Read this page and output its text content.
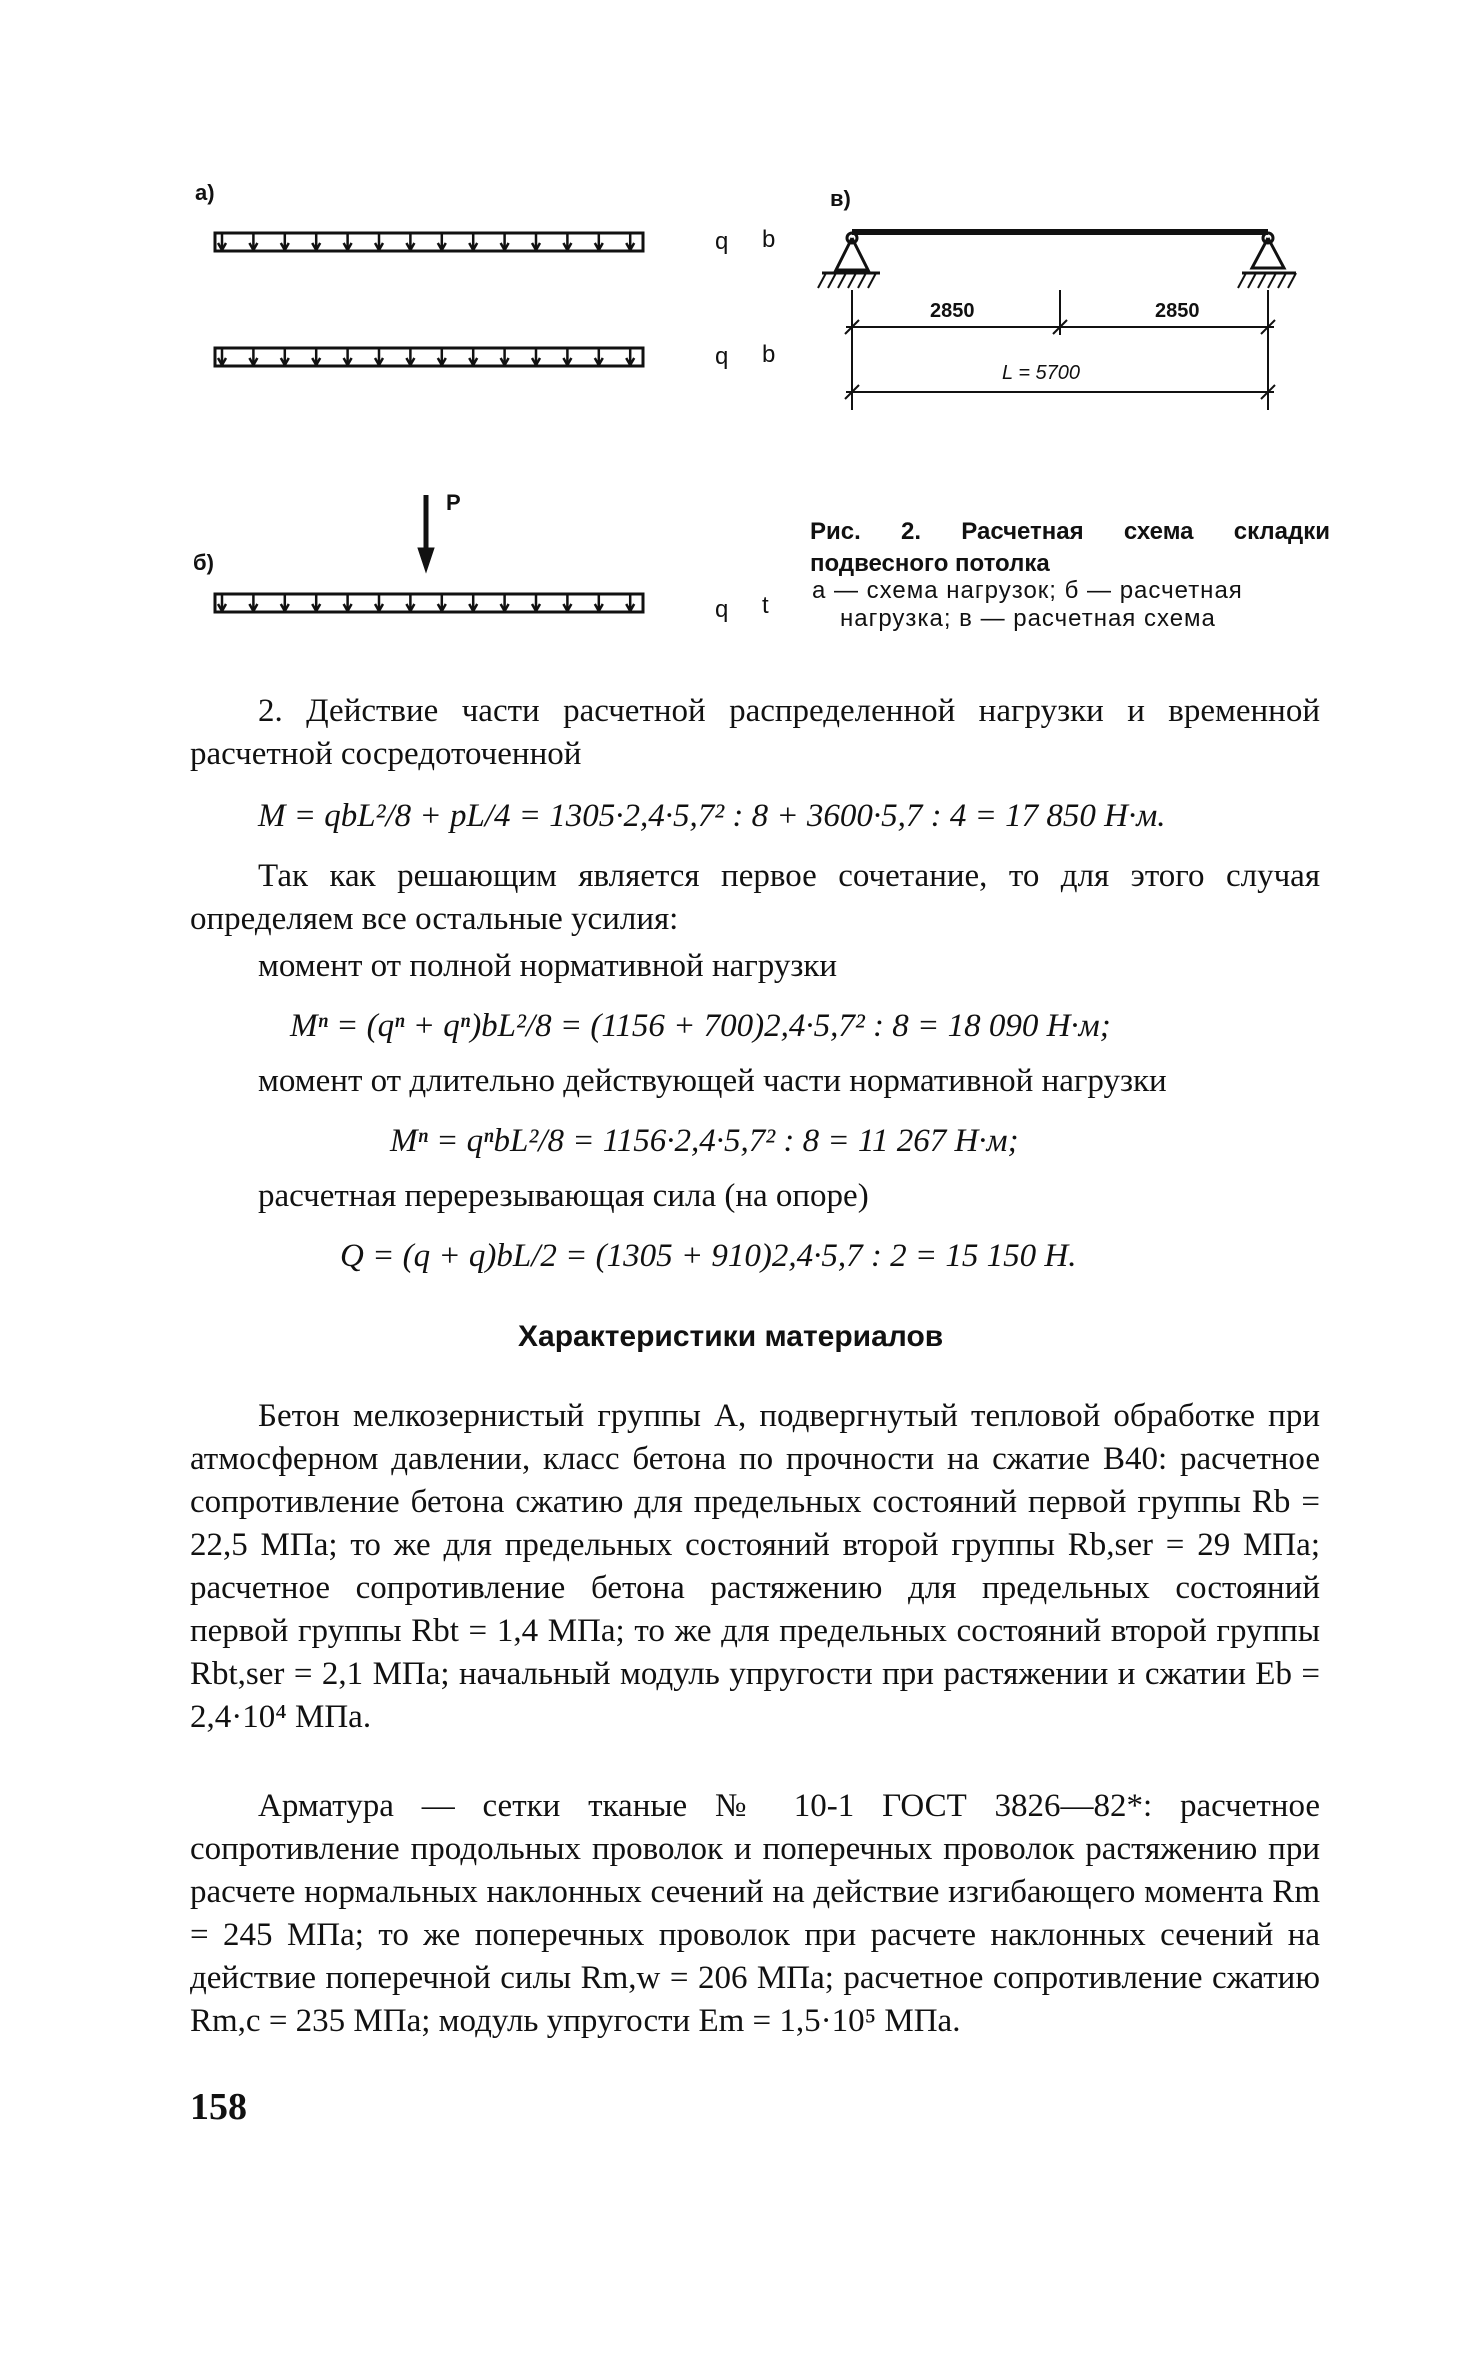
а)	в)
б)
q b
q b
q t
P
2850	2850
L = 5700
Рис. 2. Расчетная схема складки подвесного потолка
а — схема нагрузок; б — расчетная
нагрузка; в — расчетная схема
2. Действие части расчетной распределенной нагрузки и временной расчетной сосредоточенной
M = qbL²/8 + pL/4 = 1305·2,4·5,7² : 8 + 3600·5,7 : 4 = 17 850 Н·м.
Так как решающим является первое сочетание, то для этого случая определяем все остальные усилия:
момент от полной нормативной нагрузки
Mⁿ = (qⁿ + qⁿ)bL²/8 = (1156 + 700)2,4·5,7² : 8 = 18 090 Н·м;
момент от длительно действующей части нормативной нагрузки
Mⁿ = qⁿbL²/8 = 1156·2,4·5,7² : 8 = 11 267 Н·м;
расчетная перерезывающая сила (на опоре)
Q = (q + q)bL/2 = (1305 + 910)2,4·5,7 : 2 = 15 150 Н.
Характеристики материалов
Бетон мелкозернистый группы А, подвергнутый тепловой обработке при атмосферном давлении, класс бетона по прочности на сжатие В40: расчетное сопротивление бетона сжатию для предельных состояний первой группы Rb = 22,5 МПа; то же для предельных состояний второй группы Rb,ser = 29 МПа; расчетное сопротивление бетона растяжению для предельных состояний первой группы Rbt = 1,4 МПа; то же для предельных состояний второй группы Rbt,ser = 2,1 МПа; начальный модуль упругости при растяжении и сжатии Eb = 2,4·10⁴ МПа.
Арматура — сетки тканые № 10-1 ГОСТ 3826—82*: расчетное сопротивление продольных проволок и поперечных проволок растяжению при расчете нормальных наклонных сечений на действие изгибающего момента Rm = 245 МПа; то же поперечных проволок при расчете наклонных сечений на действие поперечной силы Rm,w = 206 МПа; расчетное сопротивление сжатию Rm,c = 235 МПа; модуль упругости Em = 1,5·10⁵ МПа.
158
